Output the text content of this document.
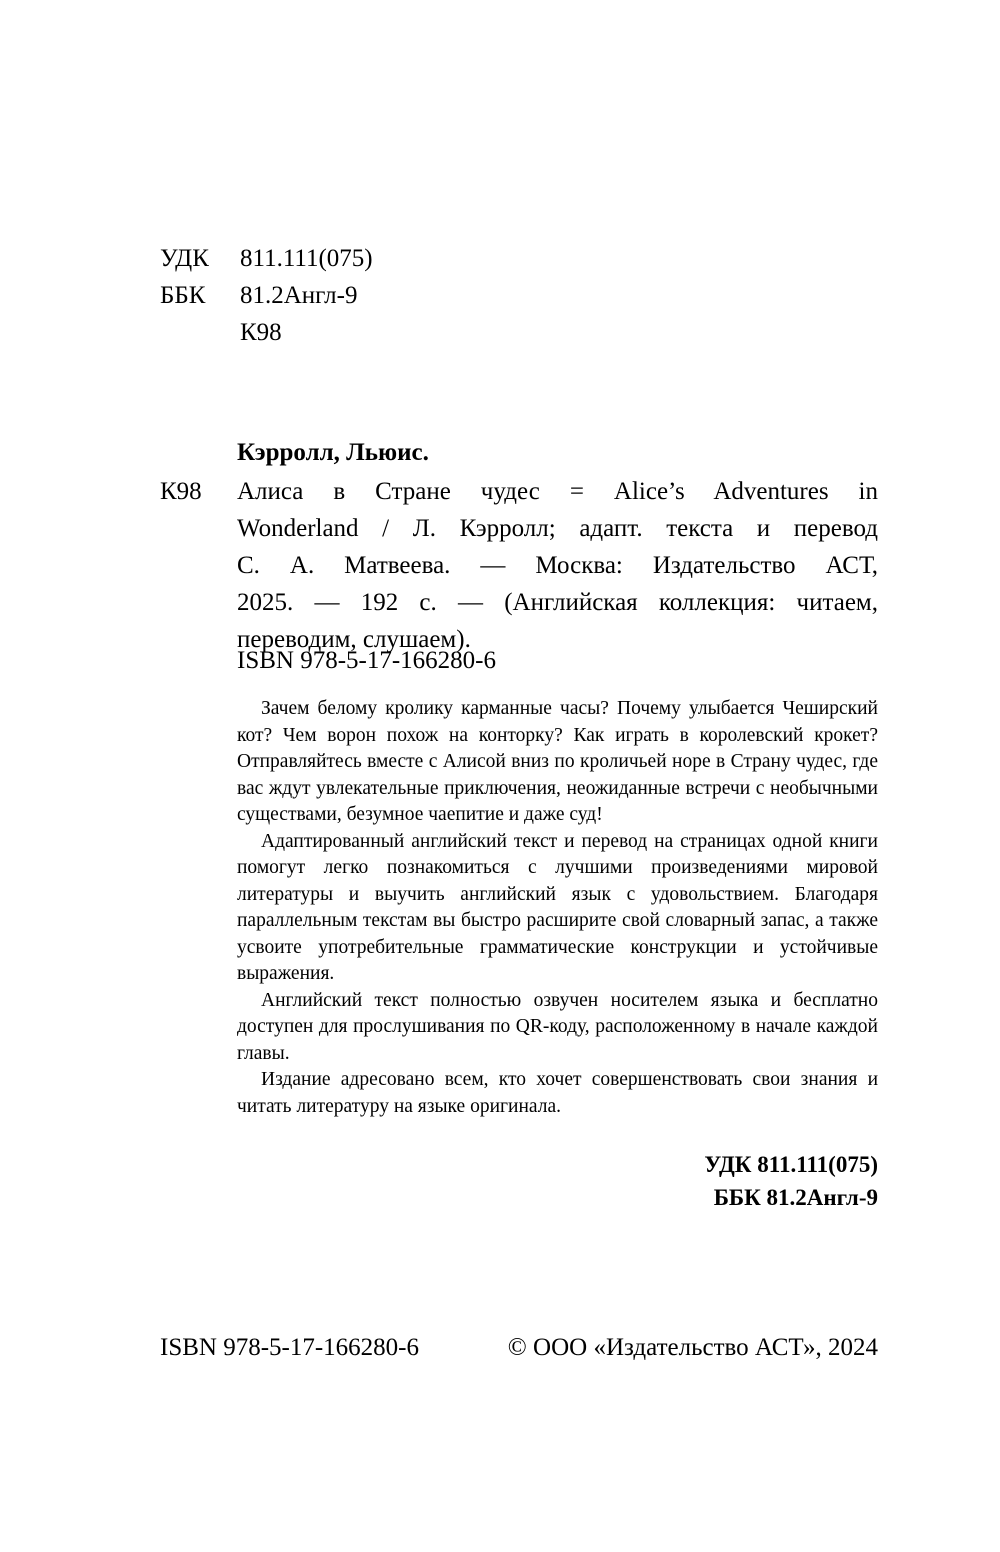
УДК	811.111(075)
ББК	81.2Англ-9
К98
Кэрролл, Льюис.
К98 Алиса в Стране чудес = Alice’s Adventures in
Wonderland / Л. Кэрролл; адапт. текста и перевод
С. А. Матвеева. — Москва: Издательство АСТ,
2025. — 192 с. — (Английская коллекция: читаем,
переводим, слушаем).
ISBN 978-5-17-166280-6

Зачем белому кролику карманные часы? Почему улыбается Чеширский кот? Чем ворон похож на конторку? Как играть в королевский крокет? Отправляйтесь вместе с Алисой вниз по кроличьей норе в Страну чудес, где вас ждут увлекательные приключения, неожиданные встречи с необычными существами, безумное чаепитие и даже суд!

Адаптированный английский текст и перевод на страницах одной книги помогут легко познакомиться с лучшими произведениями мировой литературы и выучить английский язык с удовольствием. Благодаря параллельным текстам вы быстро расширите свой словарный запас, а также усвоите употребительные грамматические конструкции и устойчивые выражения.

Английский текст полностью озвучен носителем языка и бесплатно доступен для прослушивания по QR-коду, расположенному в начале каждой главы.

Издание адресовано всем, кто хочет совершенствовать свои знания и читать литературу на языке оригинала.

УДК 811.111(075)
ББК 81.2Англ-9
ISBN 978-5-17-166280-6	© ООО «Издательство АСТ», 2024
